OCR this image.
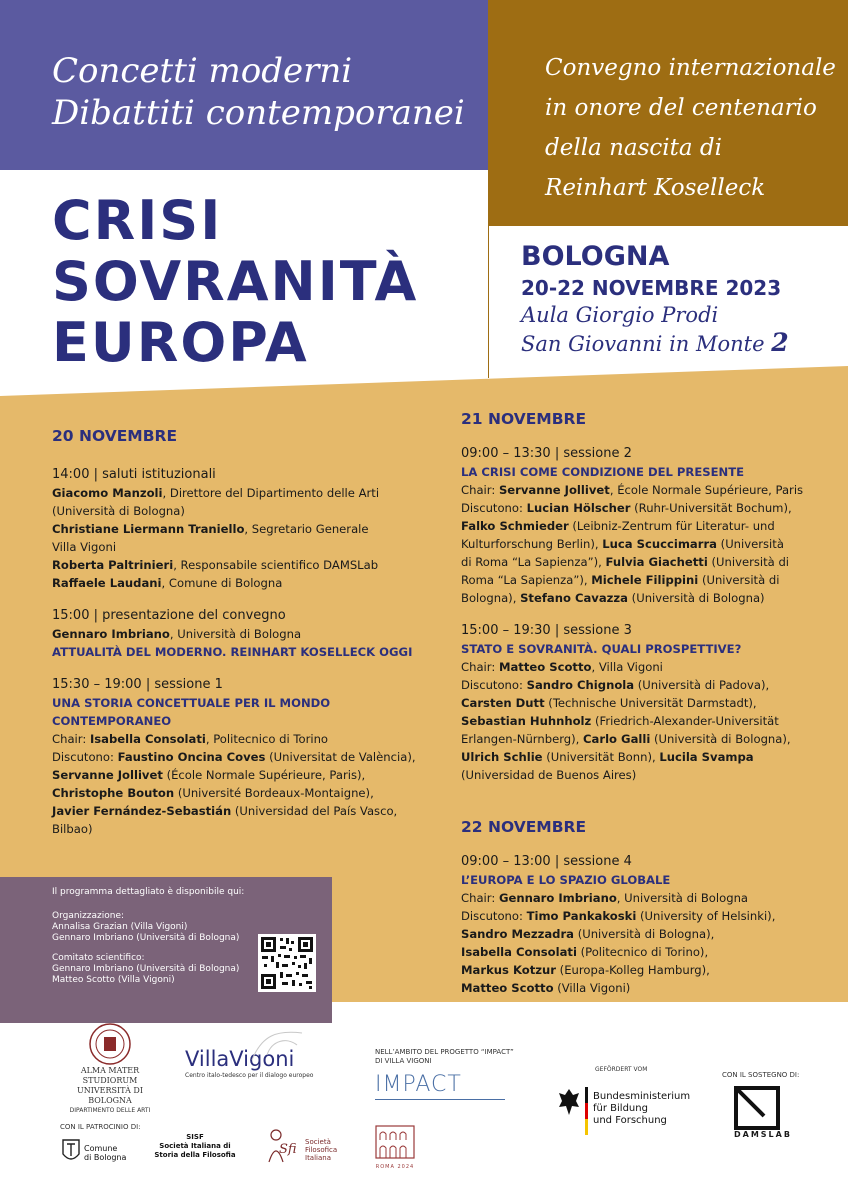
Concetti moderni
Dibattiti contemporanei
Convegno internazionale
in onore del centenario
della nascita di
Reinhart Koselleck
CRISI
SOVRANITÀ
EUROPA
BOLOGNA
20-22 NOVEMBRE 2023
Aula Giorgio Prodi
San Giovanni in Monte 2
20 NOVEMBRE

14:00 | saluti istituzionali

Giacomo Manzoli, Direttore del Dipartimento delle Arti

(Università di Bologna)

Christiane Liermann Traniello, Segretario Generale

Villa Vigoni

Roberta Paltrinieri, Responsabile scientifico DAMSLab

Raffaele Laudani, Comune di Bologna

15:00 | presentazione del convegno

Gennaro Imbriano, Università di Bologna

ATTUALITÀ DEL MODERNO. REINHART KOSELLECK OGGI

15:30 – 19:00 | sessione 1

UNA STORIA CONCETTUALE PER IL MONDO

CONTEMPORANEO

Chair: Isabella Consolati, Politecnico di Torino

Discutono: Faustino Oncina Coves (Universitat de València),

Servanne Jollivet (École Normale Supérieure, Paris),

Christophe Bouton (Université Bordeaux-Montaigne),

Javier Fernández-Sebastián (Universidad del País Vasco,

Bilbao)

21 NOVEMBRE

09:00 – 13:30 | sessione 2

LA CRISI COME CONDIZIONE DEL PRESENTE

Chair: Servanne Jollivet, École Normale Supérieure, Paris

Discutono: Lucian Hölscher (Ruhr-Universität Bochum),

Falko Schmieder (Leibniz-Zentrum für Literatur- und

Kulturforschung Berlin), Luca Scuccimarra (Università

di Roma “La Sapienza”), Fulvia Giachetti (Università di

Roma “La Sapienza”), Michele Filippini (Università di

Bologna), Stefano Cavazza (Università di Bologna)

15:00 – 19:30 | sessione 3

STATO E SOVRANITÀ. QUALI PROSPETTIVE?

Chair: Matteo Scotto, Villa Vigoni

Discutono: Sandro Chignola (Università di Padova),

Carsten Dutt (Technische Universität Darmstadt),

Sebastian Huhnholz (Friedrich-Alexander-Universität

Erlangen-Nürnberg), Carlo Galli (Università di Bologna),

Ulrich Schlie (Universität Bonn), Lucila Svampa

(Universidad de Buenos Aires)

22 NOVEMBRE

09:00 – 13:00 | sessione 4

L’EUROPA E LO SPAZIO GLOBALE

Chair: Gennaro Imbriano, Università di Bologna

Discutono: Timo Pankakoski (University of Helsinki),

Sandro Mezzadra (Università di Bologna),

Isabella Consolati (Politecnico di Torino),

Markus Kotzur (Europa-Kolleg Hamburg),

Matteo Scotto (Villa Vigoni)

Il programma dettagliato è disponibile qui:

Organizzazione:

Annalisa Grazian (Villa Vigoni)

Gennaro Imbriano (Università di Bologna)

Comitato scientifico:

Gennaro Imbriano (Università di Bologna)

Matteo Scotto (Villa Vigoni)

ALMA MATER STUDIORUM
UNIVERSITÀ DI BOLOGNA
DIPARTIMENTO DELLE ARTI
VillaVigoni
Centro italo-tedesco per il dialogo europeo
NELL’AMBITO DEL PROGETTO “IMPACT”
DI VILLA VIGONI
IMPACT
GEFÖRDERT VOM
Bundesministerium
für Bildung
und Forschung
CON IL SOSTEGNO DI:
DAMSLAB
CON IL PATROCINIO DI:
Comune
di Bologna
SISF
Società Italiana di
Storia della Filosofia	Sfi Società
Filosofica
Italiana
ROMA 2024
